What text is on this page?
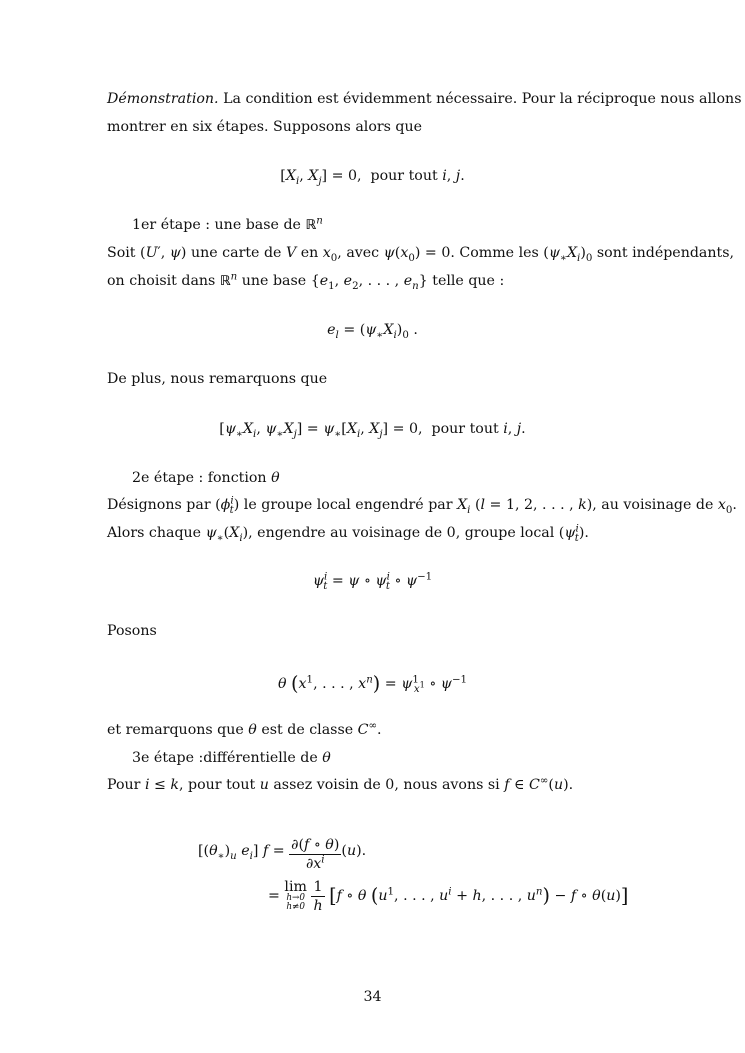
Démonstration. La condition est évidemment nécessaire. Pour la réciproque nous allons
montrer en six étapes. Supposons alors que
[$X_i$, $X_j] = 0$,  pour tout i, j.
1er étape : une base de ℝ$^n$
Soit (U′, ψ) une carte de V en $x_0$, avec $\psi(x_0) = 0$. Comme les $(\psi_∗X_i)_0$ sont indépendants,
on choisit dans ℝ$^n$ une base {$e_1$, $e_2$, . . . , $e_n$} telle que :
$e_l = (\psi_∗X_i)_0$ .
De plus, nous remarquons que
[$\psi_∗X_i$, $\psi_∗X_j] = \psi_∗[X_i$, $X_j] = 0$,  pour tout i, j.
2e étape : fonction θ
Désignons par $(\phi^i_t)$ le groupe local engendré par $X_i$ (l = 1, 2, . . . , k), au voisinage de $x_0$.
Alors chaque $\psi_∗(X_i)$, engendre au voisinage de 0, groupe local $(\psi^i_t)$.
$\psi^i_t = \psi$ ∘ $\psi^i_t$ ∘ $\psi^{-1}$
Posons
θ ($x^1$, . . . , $x^n) = \psi^1_{x^1}$ ∘ $\psi^{-1}$
et remarquons que θ est de classe C∞.
3e étape :différentielle de θ
Pour i ≤ k, pour tout u assez voisin de 0, nous avons si f ∈ C∞(u).
[$(\theta_∗)_u$ $e_i$] $f = \frac{\partial(f \circ \theta)}{\partial x^i} (u)$.
= lim
h→0
h≠0
$\frac{1}{h} [f$ ∘ θ ($u^1$, . . . , $u^i + h$, . . . , $u^n) - f$ ∘ θ(u)]
34
